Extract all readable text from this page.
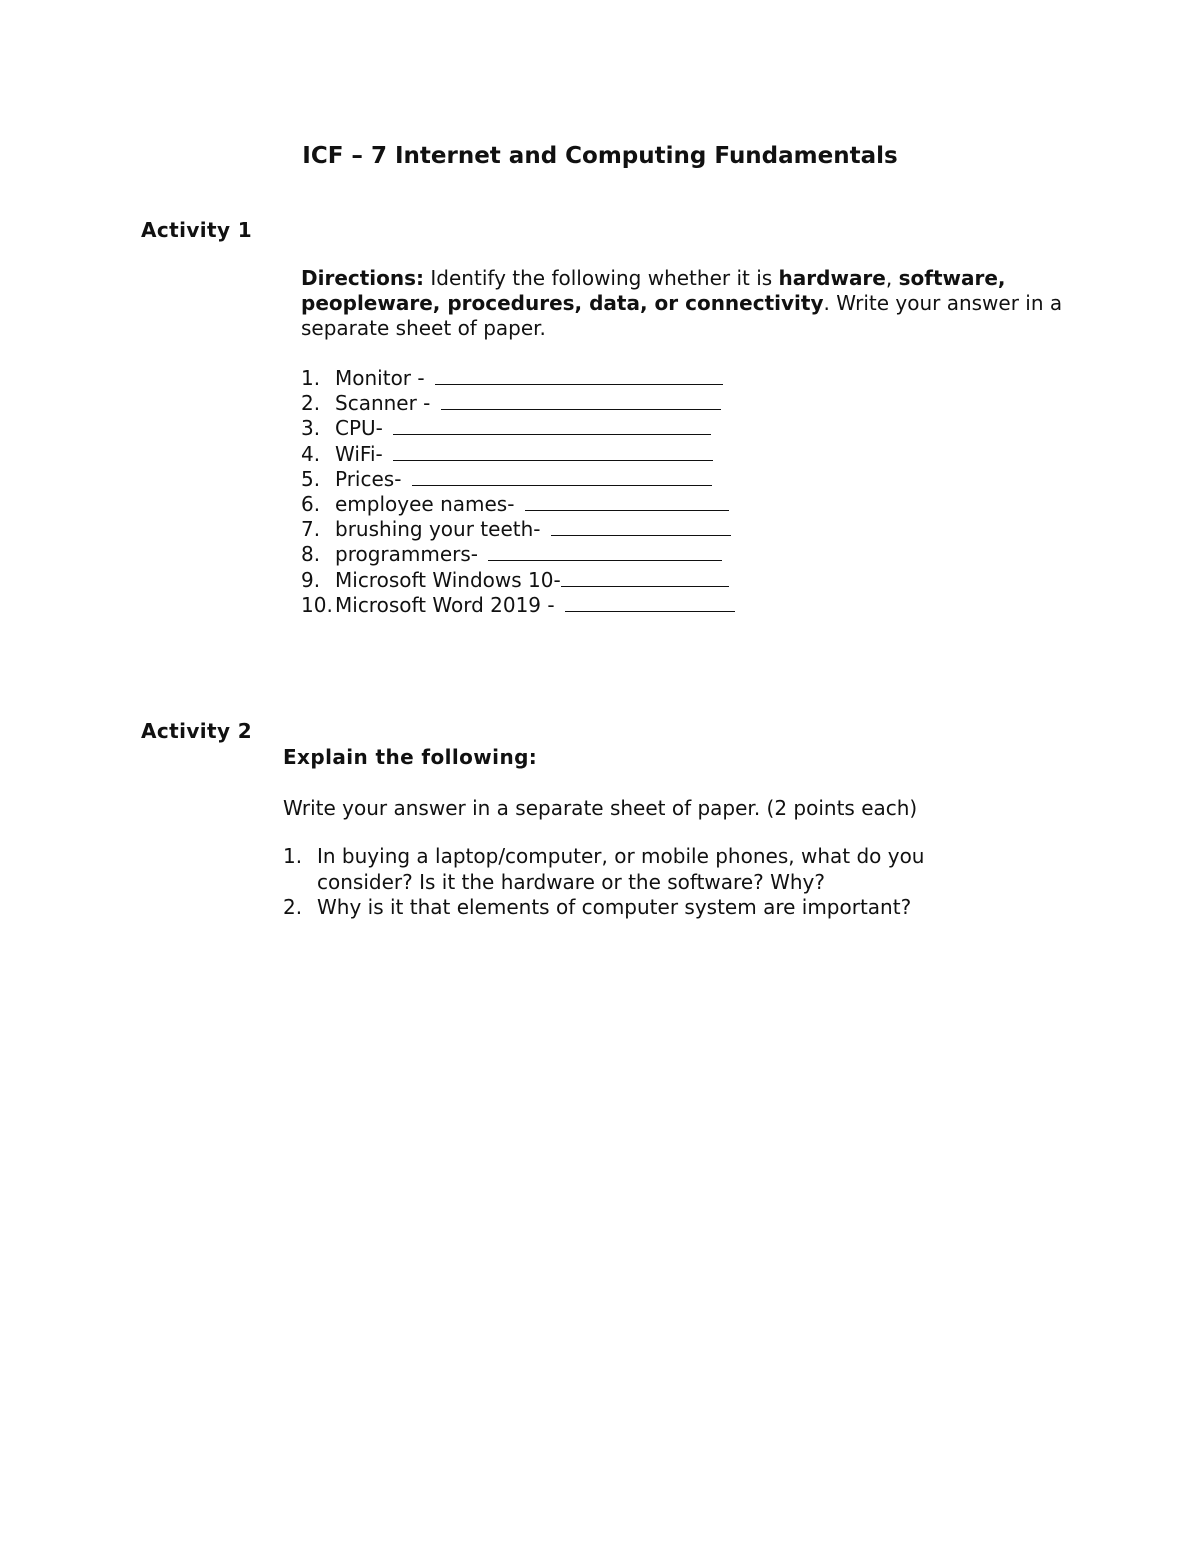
ICF – 7 Internet and Computing Fundamentals
Activity 1

Directions: Identify the following whether it is hardware, software, peopleware, procedures, data, or connectivity. Write your answer in a separate sheet of paper.

1. Monitor -
2. Scanner -
3. CPU-
4. WiFi-
5. Prices-
6. employee names-
7. brushing your teeth-
8. programmers-
9. Microsoft Windows 10-
10. Microsoft Word 2019 -
Activity 2

Explain the following:

Write your answer in a separate sheet of paper. (2 points each)

1. In buying a laptop/computer, or mobile phones, what do you consider? Is it the hardware or the software? Why?
2. Why is it that elements of computer system are important?
